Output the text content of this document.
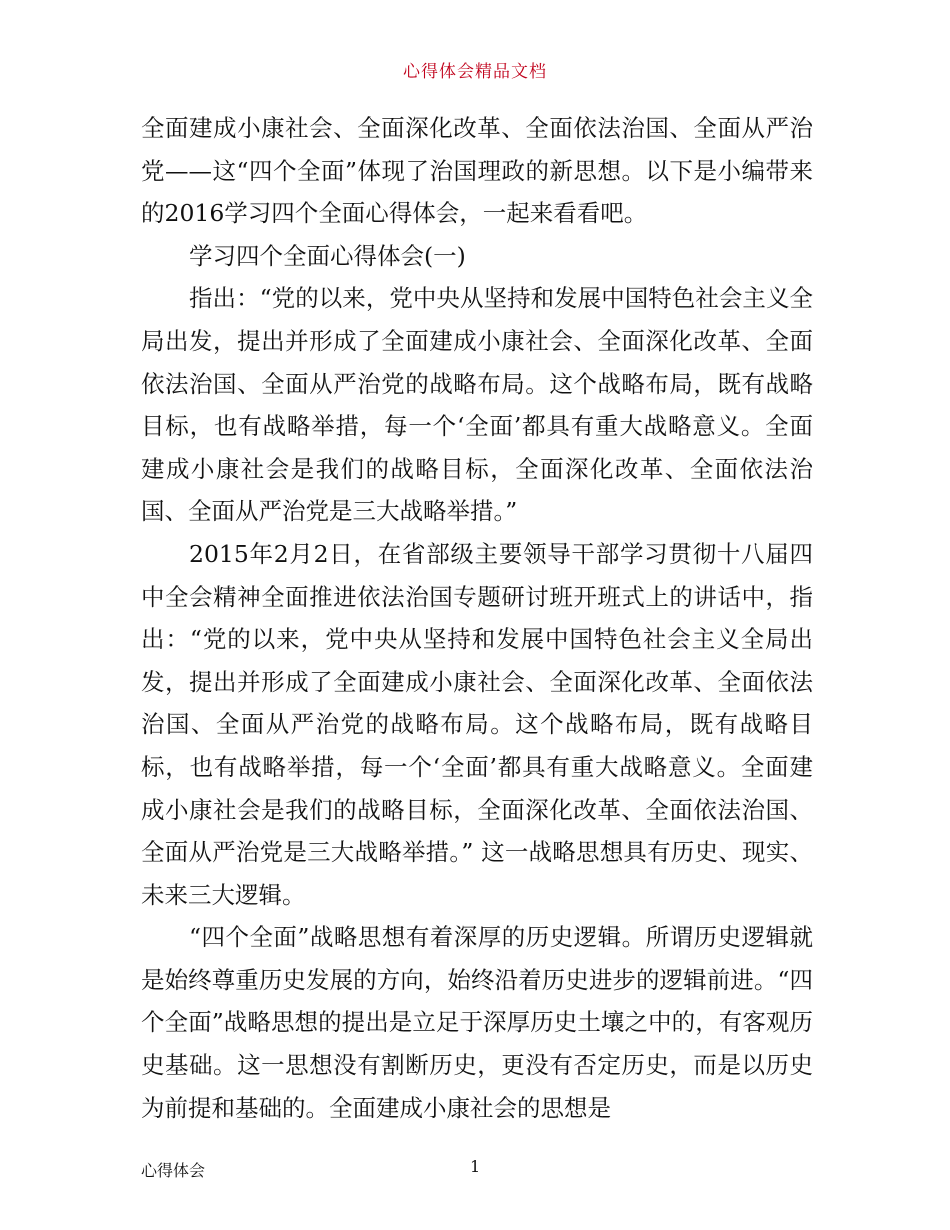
心得体会精品文档

全面建成小康社会、全面深化改革、全面依法治国、全面从严治党——这“四个全面”体现了治国理政的新思想。以下是小编带来的2016学习四个全面心得体会，一起来看看吧。

学习四个全面心得体会(一)

指出：“党的以来，党中央从坚持和发展中国特色社会主义全局出发，提出并形成了全面建成小康社会、全面深化改革、全面依法治国、全面从严治党的战略布局。这个战略布局，既有战略目标，也有战略举措，每一个‘全面’都具有重大战略意义。全面建成小康社会是我们的战略目标，全面深化改革、全面依法治国、全面从严治党是三大战略举措。”

2015年2月2日，在省部级主要领导干部学习贯彻十八届四中全会精神全面推进依法治国专题研讨班开班式上的讲话中，指出：“党的以来，党中央从坚持和发展中国特色社会主义全局出发，提出并形成了全面建成小康社会、全面深化改革、全面依法治国、全面从严治党的战略布局。这个战略布局，既有战略目标，也有战略举措，每一个‘全面’都具有重大战略意义。全面建成小康社会是我们的战略目标，全面深化改革、全面依法治国、全面从严治党是三大战略举措。” 这一战略思想具有历史、现实、未来三大逻辑。

“四个全面”战略思想有着深厚的历史逻辑。所谓历史逻辑就是始终尊重历史发展的方向，始终沿着历史进步的逻辑前进。“四个全面”战略思想的提出是立足于深厚历史土壤之中的，有客观历史基础。这一思想没有割断历史，更没有否定历史，而是以历史为前提和基础的。全面建成小康社会的思想是

心得体会	1
